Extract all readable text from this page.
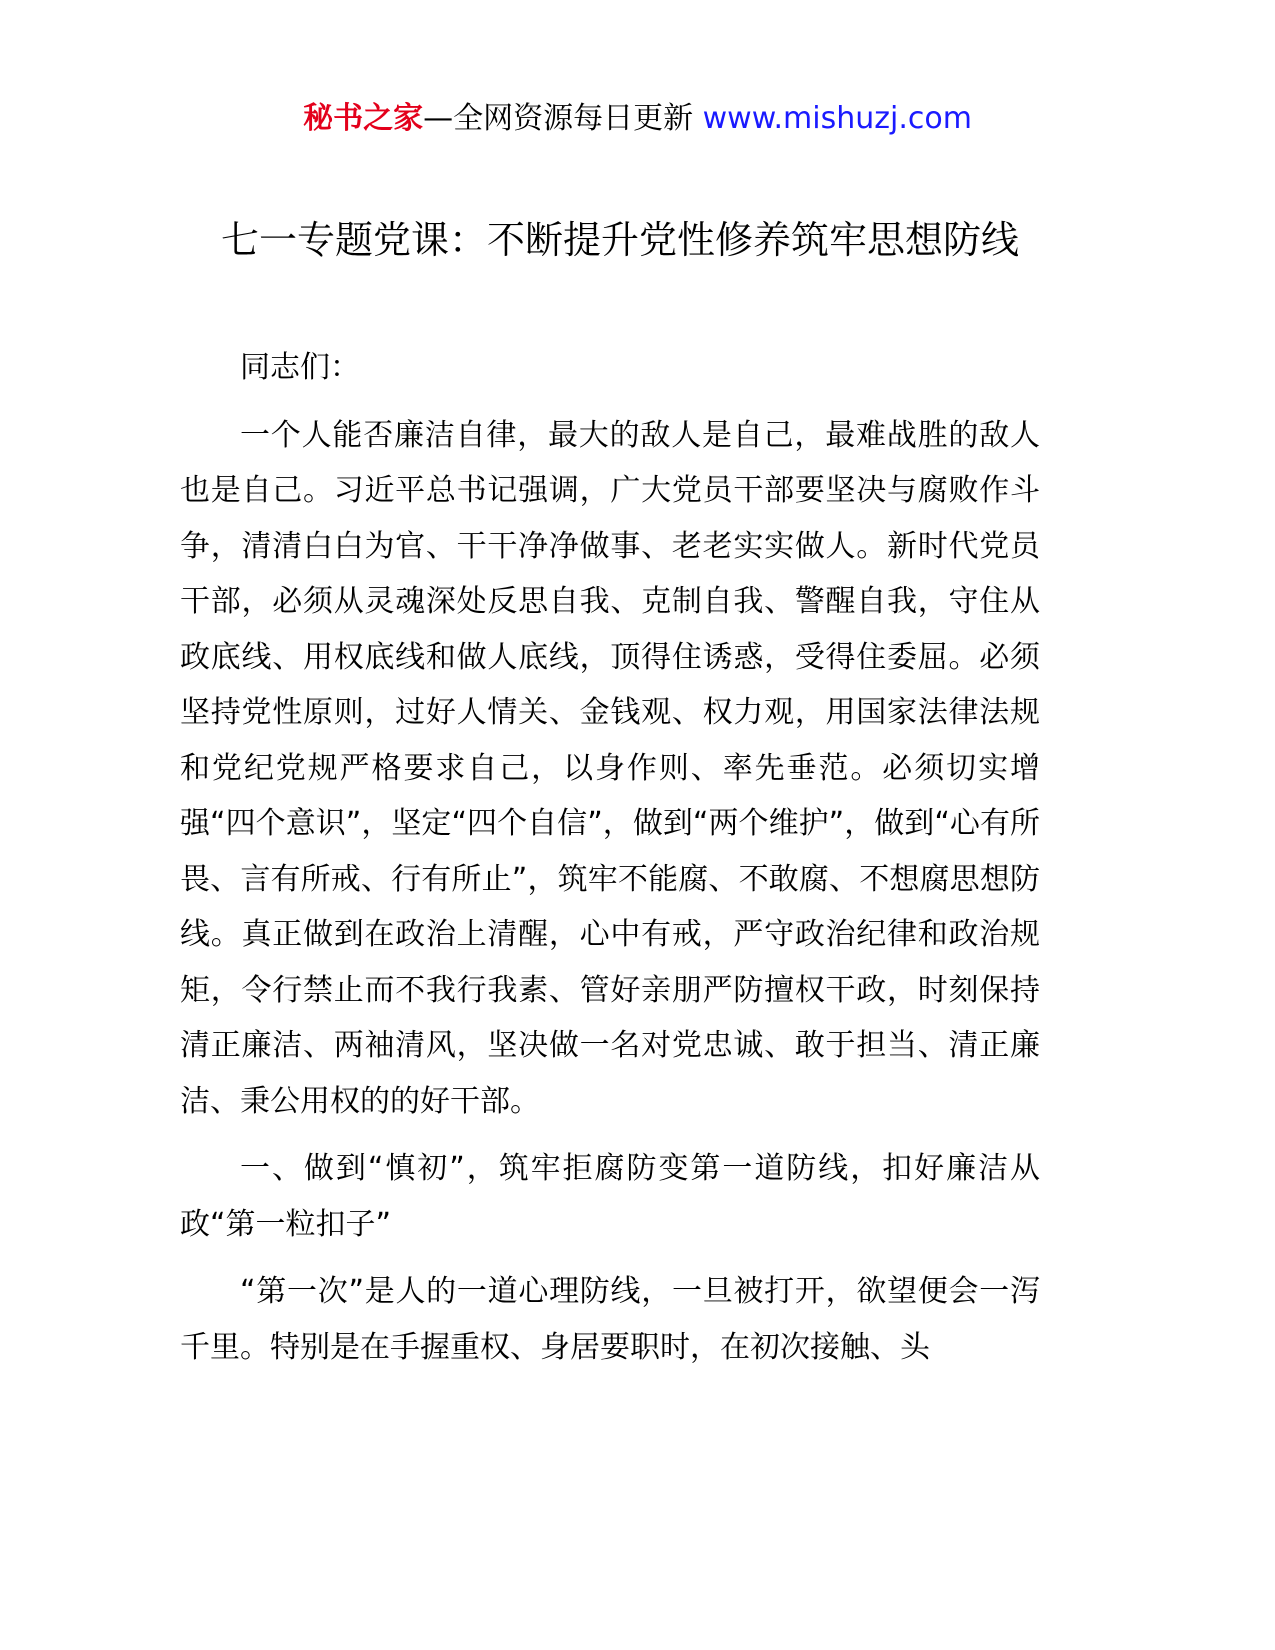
秘书之家—全网资源每日更新 www.mishuzj.com
七一专题党课：不断提升党性修养筑牢思想防线

同志们：

一个人能否廉洁自律，最大的敌人是自己，最难战胜的敌人也是自己。习近平总书记强调，广大党员干部要坚决与腐败作斗争，清清白白为官、干干净净做事、老老实实做人。新时代党员干部，必须从灵魂深处反思自我、克制自我、警醒自我，守住从政底线、用权底线和做人底线，顶得住诱惑，受得住委屈。必须坚持党性原则，过好人情关、金钱观、权力观，用国家法律法规和党纪党规严格要求自己，以身作则、率先垂范。必须切实增强“四个意识”，坚定“四个自信”，做到“两个维护”，做到“心有所畏、言有所戒、行有所止”，筑牢不能腐、不敢腐、不想腐思想防线。真正做到在政治上清醒，心中有戒，严守政治纪律和政治规矩，令行禁止而不我行我素、管好亲朋严防擅权干政，时刻保持清正廉洁、两袖清风，坚决做一名对党忠诚、敢于担当、清正廉洁、秉公用权的的好干部。

一、做到“慎初”，筑牢拒腐防变第一道防线，扣好廉洁从政“第一粒扣子”

“第一次”是人的一道心理防线，一旦被打开，欲望便会一泻千里。特别是在手握重权、身居要职时，在初次接触、头
